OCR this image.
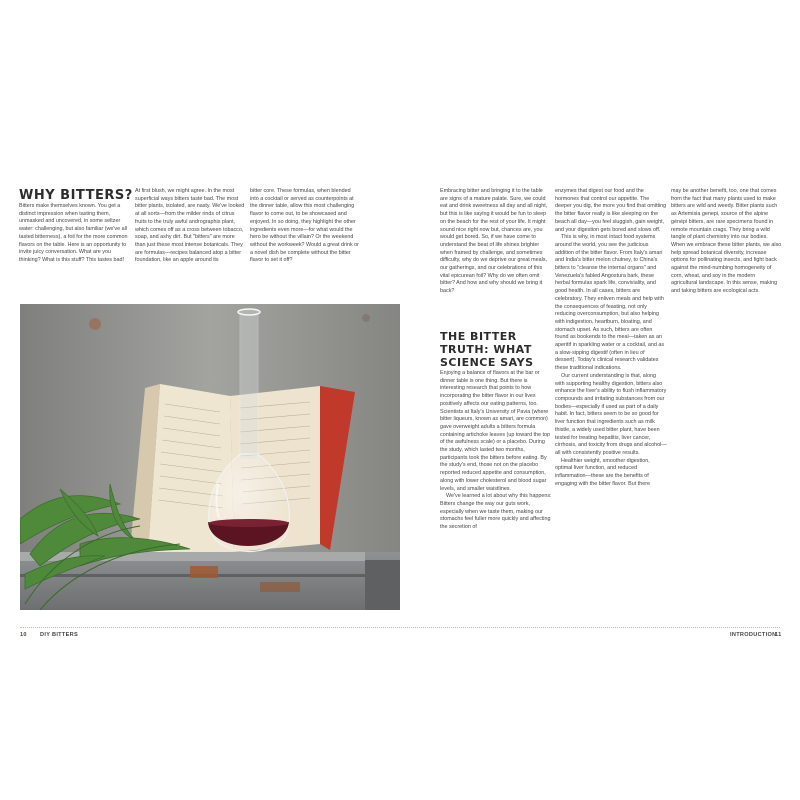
WHY BITTERS?

Bitters make themselves known. You get a distinct impression when tasting them, unmasked and uncovered, in some seltzer water: challenging, but also familiar (we've all tasted bitterness), a foil for the more common flavors on the table. Here is an opportunity to invite juicy conversation. What are you thinking? What is this stuff? This tastes bad!

At first blush, we might agree. In the most superficial ways bitters taste bad. The most bitter plants, isolated, are nasty. We've looked at all sorts—from the milder rinds of citrus fruits to the truly awful andrographis plant, which comes off as a cross between tobacco, soap, and ashy dirt. But "bitters" are more than just these most intense botanicals. They are formulas—recipes balanced atop a bitter foundation, like an apple around its

bitter core. These formulas, when blended into a cocktail or served as counterpoints at the dinner table, allow this most challenging flavor to come out, to be showcased and enjoyed. In so doing, they highlight the other ingredients even more—for what would the hero be without the villain? Or the weekend without the workweek? Would a great drink or a novel dish be complete without the bitter flavor to set it off?

10 DIY BITTERS

Embracing bitter and bringing it to the table are signs of a mature palate. Sure, we could eat and drink sweetness all day and all night, but this is like saying it would be fun to sleep on the beach for the rest of your life. It might sound nice right now but, chances are, you would get bored. So, if we have come to understand the beat of life shines brighter when framed by challenge, and sometimes difficulty, why do we deprive our great meals, our gatherings, and our celebrations of this vital epicurean foil? Why do we often omit bitter? And how and why should we bring it back?

THE BITTER TRUTH: WHAT SCIENCE SAYS

Enjoying a balance of flavors at the bar or dinner table is one thing. But there is interesting research that points to how incorporating the bitter flavor in our lives positively affects our eating patterns, too. Scientists at Italy's University of Pavia (where bitter liqueurs, known as amari, are common) gave overweight adults a bitters formula containing artichoke leaves (up toward the top of the awfulness scale) or a placebo. During the study, which lasted two months, participants took the bitters before eating. By the study's end, those not on the placebo reported reduced appetite and consumption, along with lower cholesterol and blood sugar levels, and smaller waistlines.

We've learned a lot about why this happens: Bitters change the way our guts work, especially when we taste them, making our stomachs feel fuller more quickly and affecting the secretion of

enzymes that digest our food and the hormones that control our appetite. The deeper you dig, the more you find that omitting the bitter flavor really is like sleeping on the beach all day—you feel sluggish, gain weight, and your digestion gets bored and slows off.

This is why, in most intact food systems around the world, you see the judicious addition of the bitter flavor. From Italy's amari and India's bitter melon chutney, to China's bitters to "cleanse the internal organs" and Venezuela's fabled Angostura bark, these herbal formulas spark life, conviviality, and good health. In all cases, bitters are celebratory. They enliven meals and help with the consequences of feasting, not only reducing overconsumption, but also helping with indigestion, heartburn, bloating, and stomach upset. As such, bitters are often found as bookends to the meal—taken as an aperitif in sparkling water or a cocktail, and as a slow-sipping digestif (often in lieu of dessert). Today's clinical research validates these traditional indications.

Our current understanding is that, along with supporting healthy digestion, bitters also enhance the liver's ability to flush inflammatory compounds and irritating substances from our bodies—especially if used as part of a daily habit. In fact, bitters seem to be so good for liver function that ingredients such as milk thistle, a widely used bitter plant, have been tested for treating hepatitis, liver cancer, cirrhosis, and toxicity from drugs and alcohol—all with consistently positive results.

Healthier weight, smoother digestion, optimal liver function, and reduced inflammation—these are the benefits of engaging with the bitter flavor. But there

may be another benefit, too, one that comes from the fact that many plants used to make bitters are wild and weedy. Bitter plants such as Artemisia genepi, source of the alpine génépi bitters, are rare specimens found in remote mountain crags. They bring a wild tangle of plant chemistry into our bodies. When we embrace these bitter plants, we also help spread botanical diversity, increase options for pollinating insects, and fight back against the mind-numbing homogeneity of corn, wheat, and soy in the modern agricultural landscape. In this sense, making and taking bitters are ecological acts.

INTRODUCTION
11
